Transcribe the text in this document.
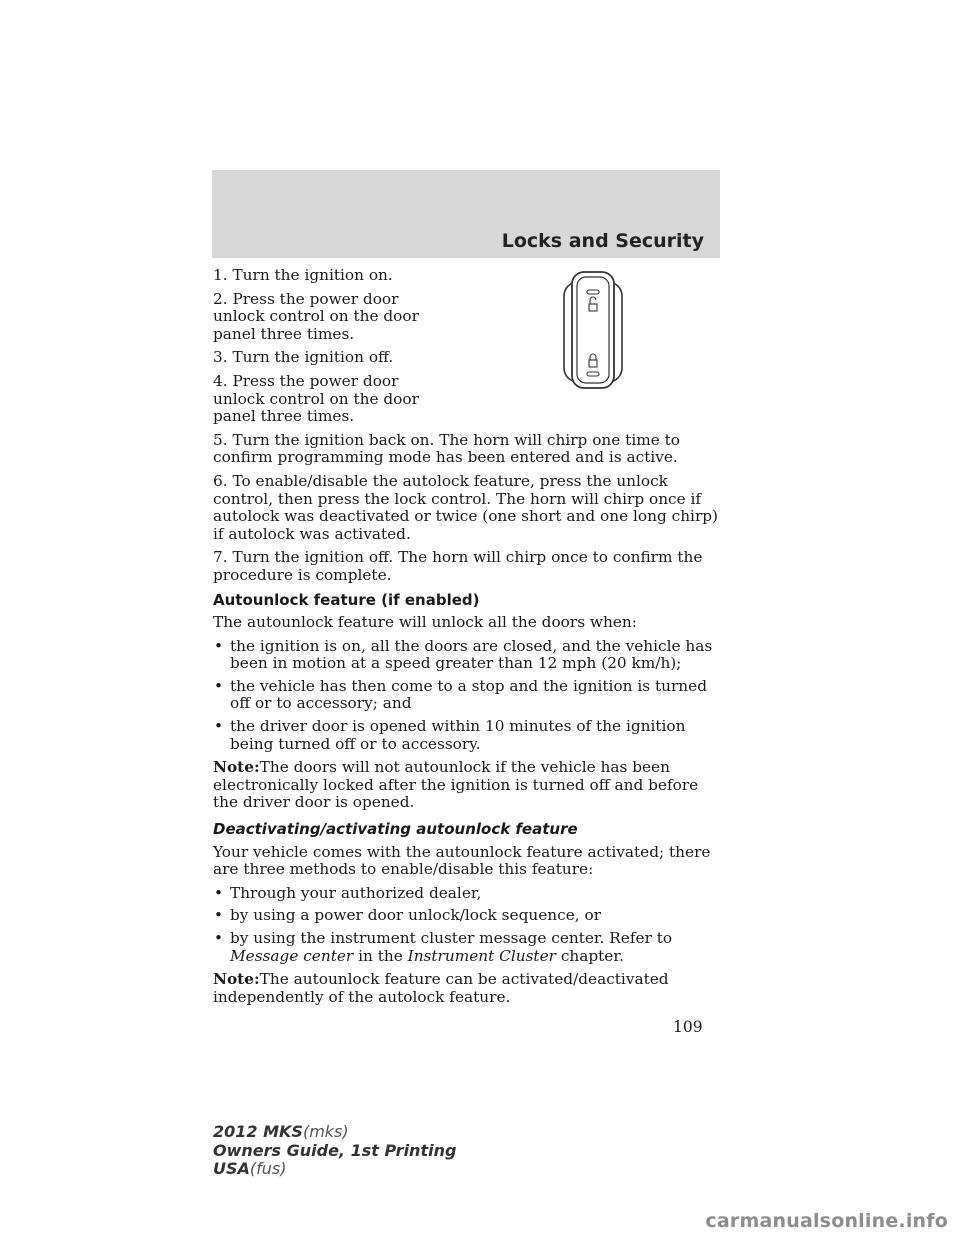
Locks and Security

1. Turn the ignition on.

2. Press the power door unlock control on the door panel three times.

3. Turn the ignition off.

4. Press the power door unlock control on the door panel three times.

5. Turn the ignition back on. The horn will chirp one time to confirm programming mode has been entered and is active.

6. To enable/disable the autolock feature, press the unlock control, then press the lock control. The horn will chirp once if autolock was deactivated or twice (one short and one long chirp) if autolock was activated.

7. Turn the ignition off. The horn will chirp once to confirm the procedure is complete.

Autounlock feature (if enabled)

The autounlock feature will unlock all the doors when:

• the ignition is on, all the doors are closed, and the vehicle has been in motion at a speed greater than 12 mph (20 km/h);
• the vehicle has then come to a stop and the ignition is turned off or to accessory; and
• the driver door is opened within 10 minutes of the ignition being turned off or to accessory.

Note:The doors will not autounlock if the vehicle has been electronically locked after the ignition is turned off and before the driver door is opened.

Deactivating/activating autounlock feature

Your vehicle comes with the autounlock feature activated; there are three methods to enable/disable this feature:

• Through your authorized dealer,
• by using a power door unlock/lock sequence, or
• by using the instrument cluster message center. Refer to Message center in the Instrument Cluster chapter.

Note:The autounlock feature can be activated/deactivated independently of the autolock feature.

109

2012 MKS(mks)
Owners Guide, 1st Printing
USA(fus)

carmanualsonline.info
